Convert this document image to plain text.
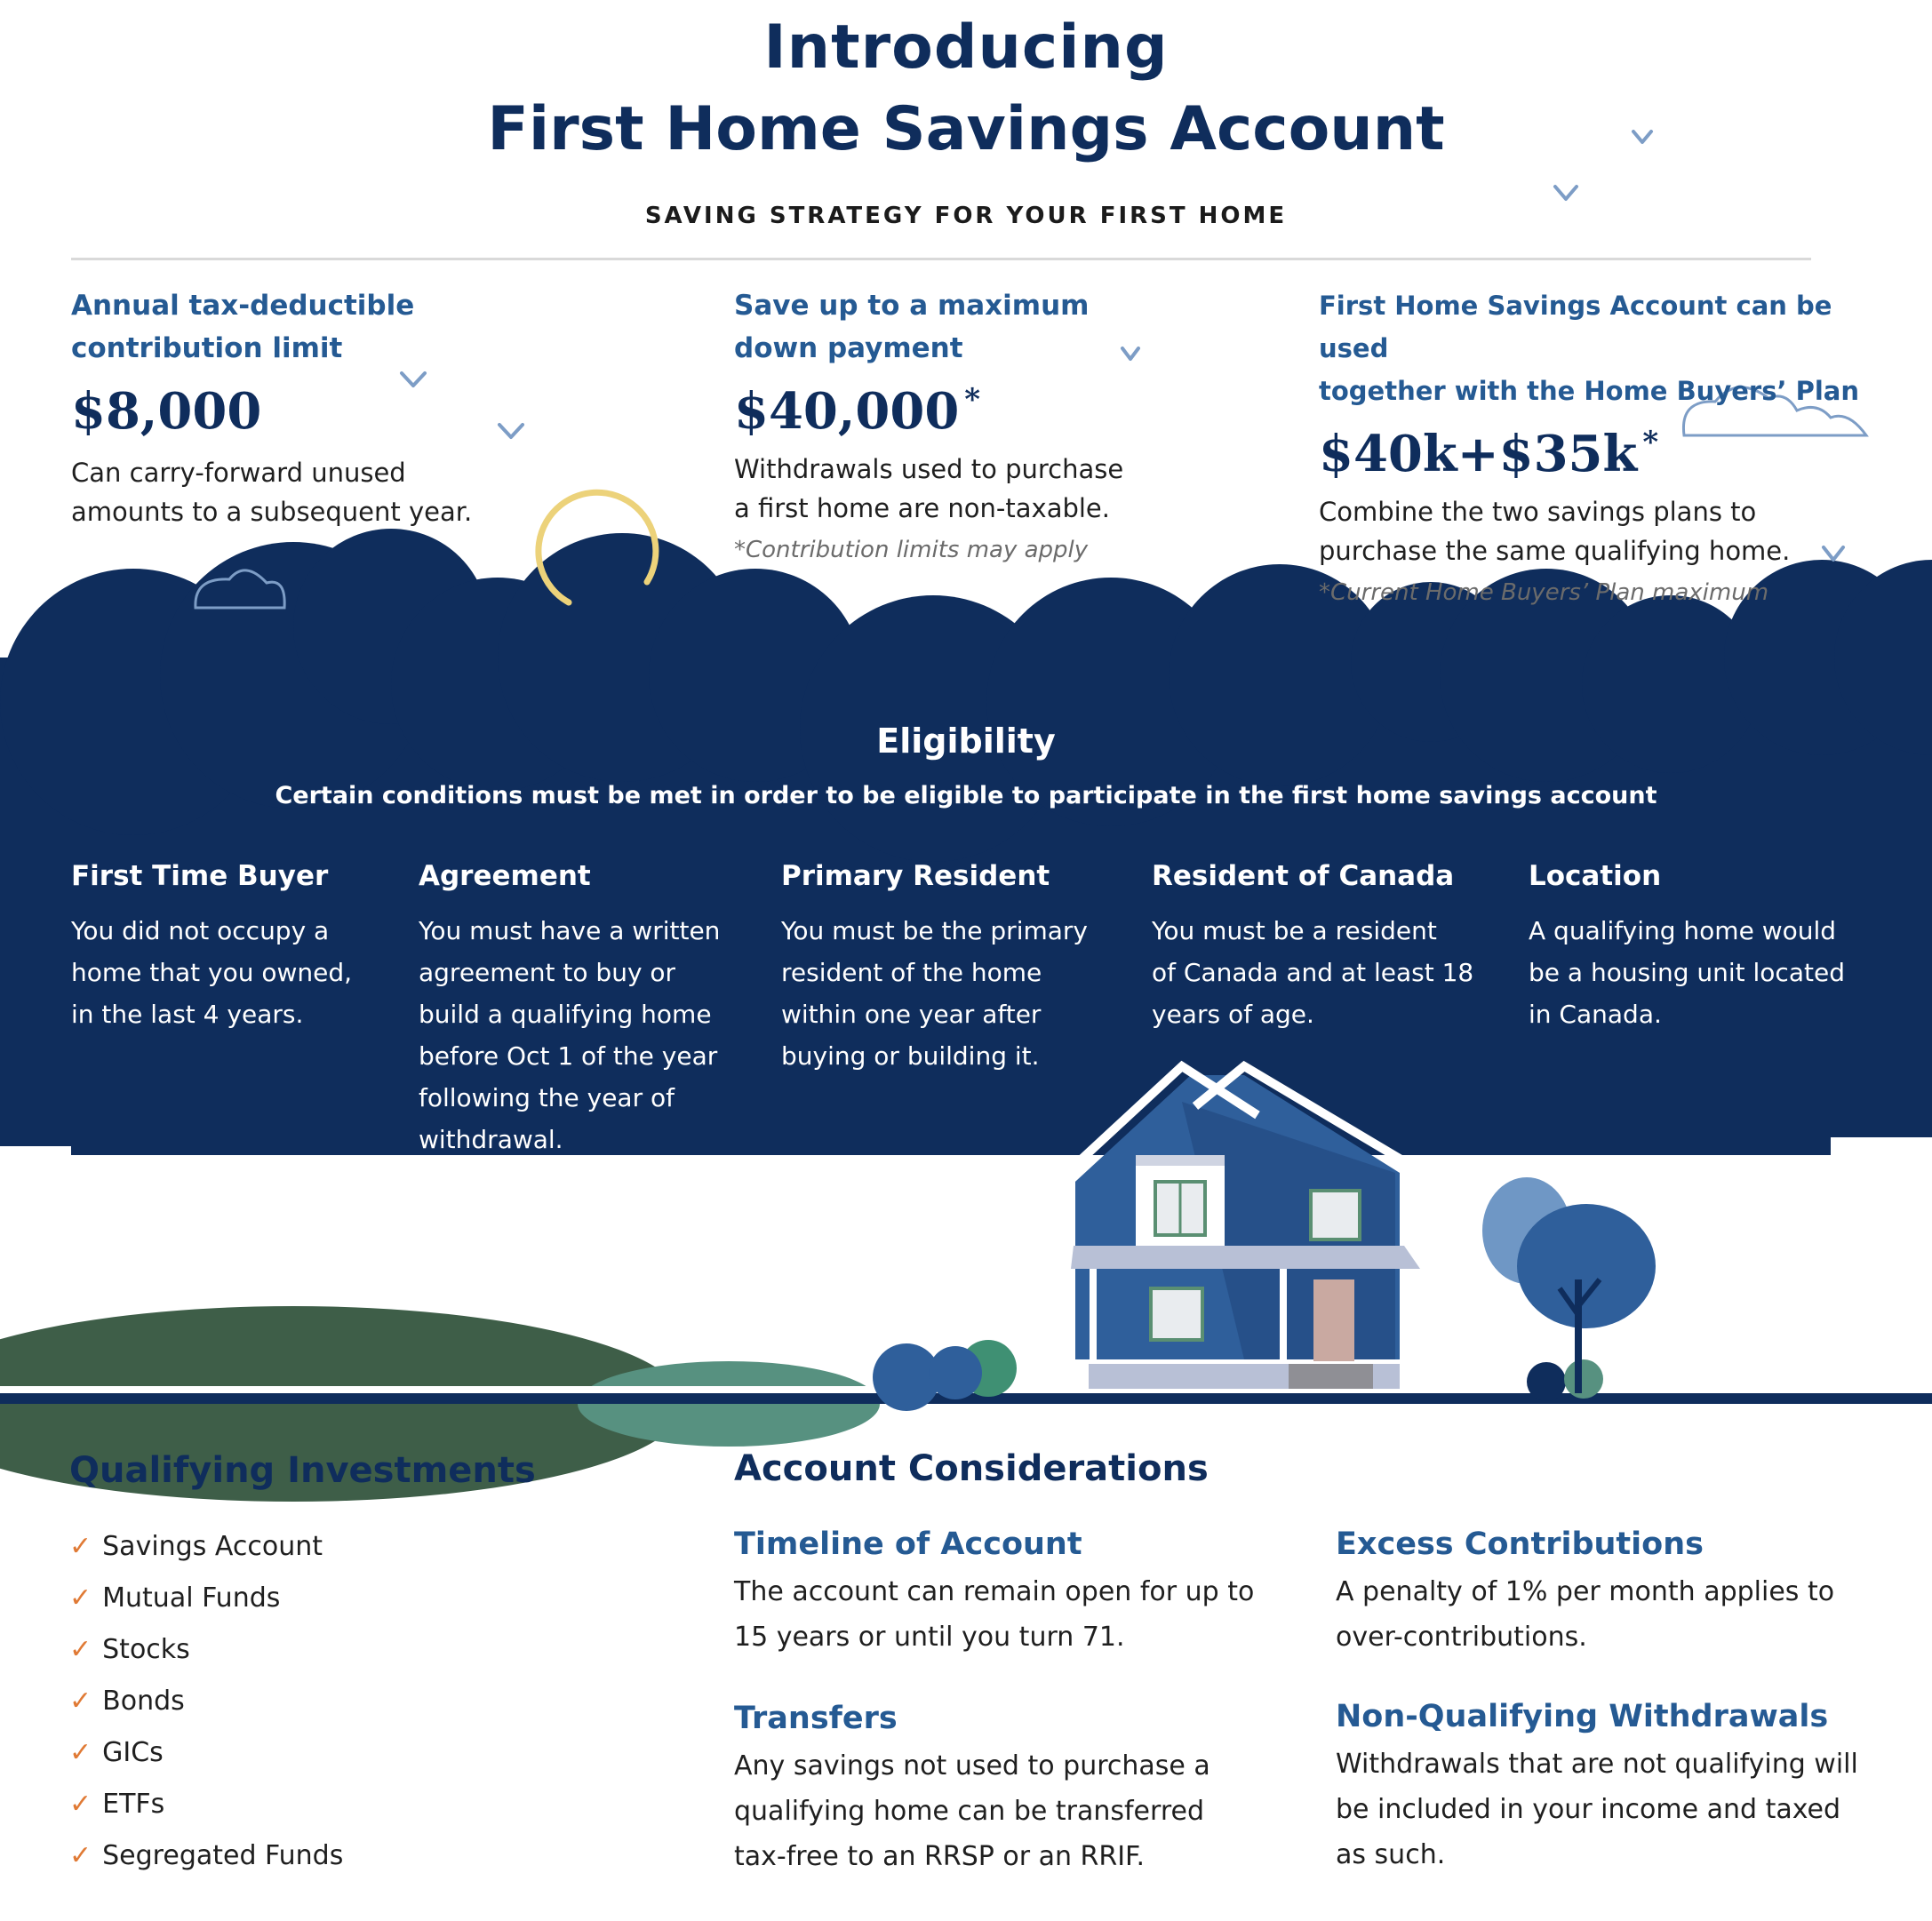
Introducing
First Home Savings Account
SAVING STRATEGY FOR YOUR FIRST HOME
Annual tax-deductible
contribution limit
$8,000
Can carry-forward unused
amounts to a subsequent year.
Save up to a maximum
down payment
$40,000 *
Withdrawals used to purchase
a first home are non-taxable.
*Contribution limits may apply
First Home Savings Account can be used
together with the Home Buyers’ Plan
$40k+$35k *
Combine the two savings plans to
purchase the same qualifying home.
*Current Home Buyers’ Plan maximum
Eligibility
Certain conditions must be met in order to be eligible to participate in the first home savings account
First Time Buyer
You did not occupy a
home that you owned,
in the last 4 years.
Agreement
You must have a written
agreement to buy or
build a qualifying home
before Oct 1 of the year
following the year of
withdrawal.
Primary Resident
You must be the primary
resident of the home
within one year after
buying or building it.
Resident of Canada
You must be a resident
of Canada and at least 18
years of age.
Location
A qualifying home would
be a housing unit located
in Canada.
Qualifying Investments
✓ Savings Account
✓ Mutual Funds
✓ Stocks
✓ Bonds
✓ GICs
✓ ETFs
✓ Segregated Funds
Account Considerations
Timeline of Account
The account can remain open for up to
15 years or until you turn 71.
Excess Contributions
A penalty of 1% per month applies to
over-contributions.
Transfers
Any savings not used to purchase a
qualifying home can be transferred
tax-free to an RRSP or an RRIF.
Non-Qualifying Withdrawals
Withdrawals that are not qualifying will
be included in your income and taxed
as such.
